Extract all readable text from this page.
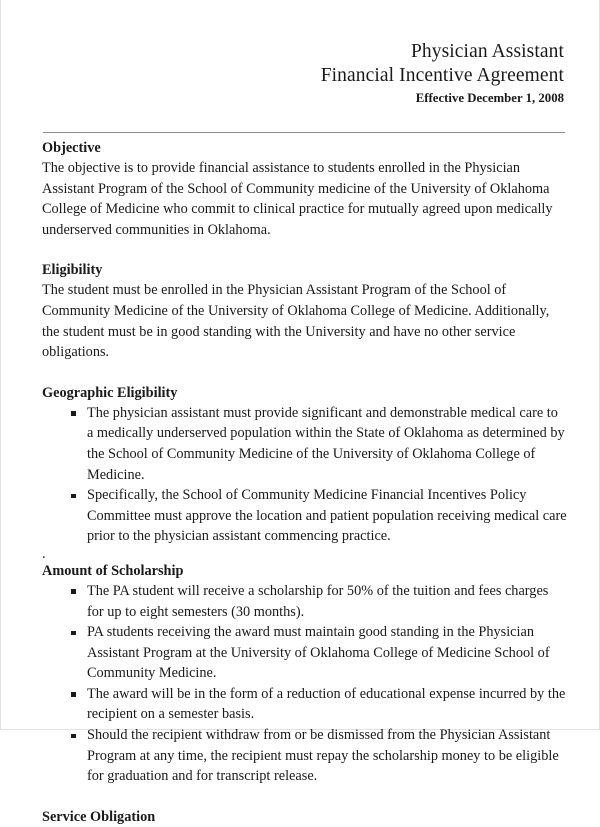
Physician Assistant
Financial Incentive Agreement
Effective December 1, 2008
Objective

The objective is to provide financial assistance to students enrolled in the Physician Assistant Program of the School of Community medicine of the University of Oklahoma College of Medicine who commit to clinical practice for mutually agreed upon medically underserved communities in Oklahoma.

Eligibility

The student must be enrolled in the Physician Assistant Program of the School of Community Medicine of the University of Oklahoma College of Medicine. Additionally, the student must be in good standing with the University and have no other service obligations.

Geographic Eligibility
The physician assistant must provide significant and demonstrable medical care to a medically underserved population within the State of Oklahoma as determined by the School of Community Medicine of the University of Oklahoma College of Medicine.
Specifically, the School of Community Medicine Financial Incentives Policy Committee must approve the location and patient population receiving medical care prior to the physician assistant commencing practice.
.
Amount of Scholarship
The PA student will receive a scholarship for 50% of the tuition and fees charges for up to eight semesters (30 months).
PA students receiving the award must maintain good standing in the Physician Assistant Program at the University of Oklahoma College of Medicine School of Community Medicine.
The award will be in the form of a reduction of educational expense incurred by the recipient on a semester basis.
Should the recipient withdraw from or be dismissed from the Physician Assistant Program at any time, the recipient must repay the scholarship money to be eligible for graduation and for transcript release.
Service Obligation
